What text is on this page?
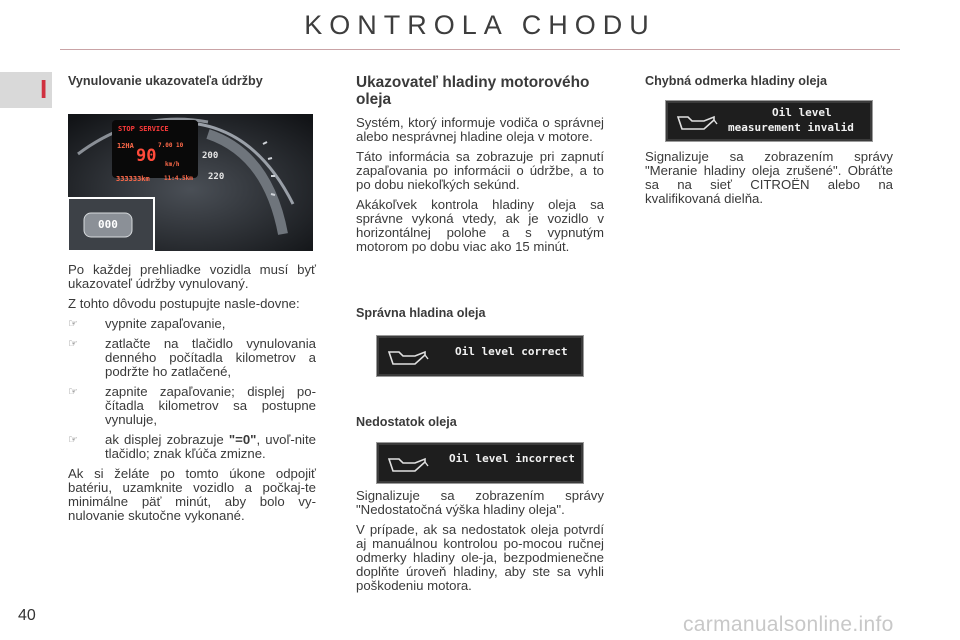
KONTROLA CHODU
I Vynulovanie ukazovateľa údržby
STOP SERVICE
12HA	7.00 10
90 km/h
333333km 11:4.5km
200
220
000

Po každej prehliadke vozidla musí byť ukazovateľ údržby vynulovaný.

Z tohto dôvodu postupujte nasle-dovne:

☞ vypnite zapaľovanie,
☞ zatlačte na tlačidlo vynulovania denného počítadla kilometrov a podržte ho zatlačené,
☞ zapnite zapaľovanie; displej po-čítadla kilometrov sa postupne vynuluje,
☞ ak displej zobrazuje "=0", uvoľ-nite tlačidlo; znak kľúča zmizne.

Ak si želáte po tomto úkone odpojiť batériu, uzamknite vozidlo a počkaj-te minimálne päť minút, aby bolo vy-nulovanie skutočne vykonané.

Ukazovateľ hladiny motorového oleja

Systém, ktorý informuje vodiča o správnej alebo nesprávnej hladine oleja v motore.

Táto informácia sa zobrazuje pri zapnutí zapaľovania po informácii o údržbe, a to po dobu niekoľkých sekúnd.

Akákoľvek kontrola hladiny oleja sa správne vykoná vtedy, ak je vozidlo v horizontálnej polohe a s vypnutým motorom po dobu viac ako 15 minút.

Správna hladina oleja
Oil level correct
Nedostatok oleja
Oil level incorrect

Signalizuje sa zobrazením správy "Nedostatočná výška hladiny oleja".

V prípade, ak sa nedostatok oleja potvrdí aj manuálnou kontrolou po-mocou ručnej odmerky hladiny ole-ja, bezpodmienečne doplňte úroveň hladiny, aby ste sa vyhli poškodeniu motora.

Chybná odmerka hladiny oleja
Oil level
measurement invalid

Signalizuje sa zobrazením správy "Meranie hladiny oleja zrušené". Obráťte sa na sieť CITROËN alebo na kvalifikovaná dielňa.

40	carmanualsonline.info
